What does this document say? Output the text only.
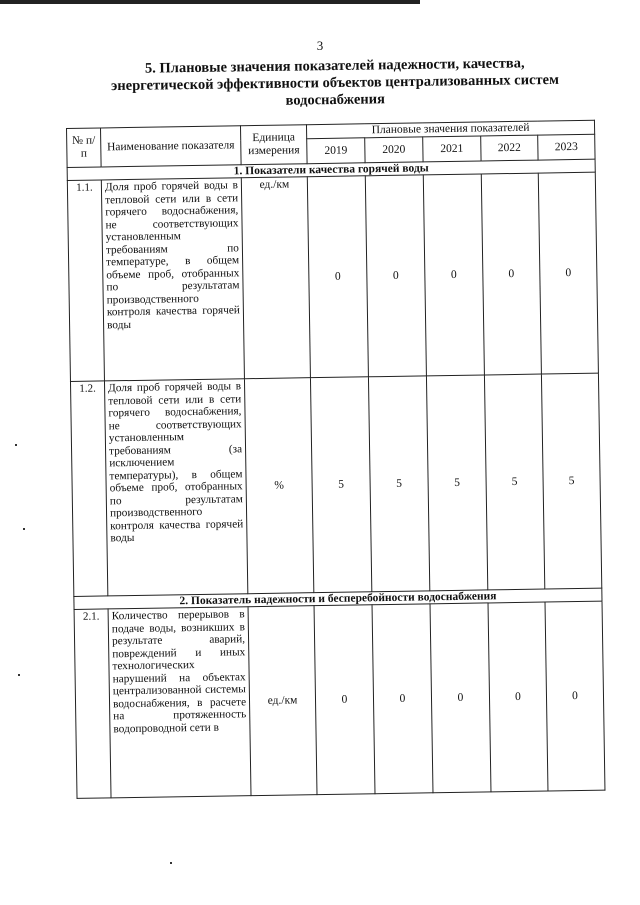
3
5. Плановые значения показателей надежности, качества, энергетической эффективности объектов централизованных систем водоснабжения
№ п/п	Наименование показателя	Единица измерения	Плановые значения показателей				
			2019	2020	2021	2022	2023
1. Показатели качества горячей воды							
1.1.	Доля проб горячей воды в тепловой сети или в сети горячего водоснабжения, не соответствующих установленным требованиям по температуре, в общем объеме проб, отобранных по результатам производственного контроля качества горячей воды	ед./км	0	0	0	0	0
1.2.	Доля проб горячей воды в тепловой сети или в сети горячего водоснабжения, не соответствующих установленным требованиям (за исключением температуры), в общем объеме проб, отобранных по результатам производственного контроля качества горячей воды	%	5	5	5	5	5
2. Показатель надежности и бесперебойности водоснабжения							
2.1.	Количество перерывов в подаче воды, возникших в результате аварий, повреждений и иных технологических нарушений на объектах централизованной системы водоснабжения, в расчете на протяженность водопроводной сети в	ед./км	0	0	0	0	0
